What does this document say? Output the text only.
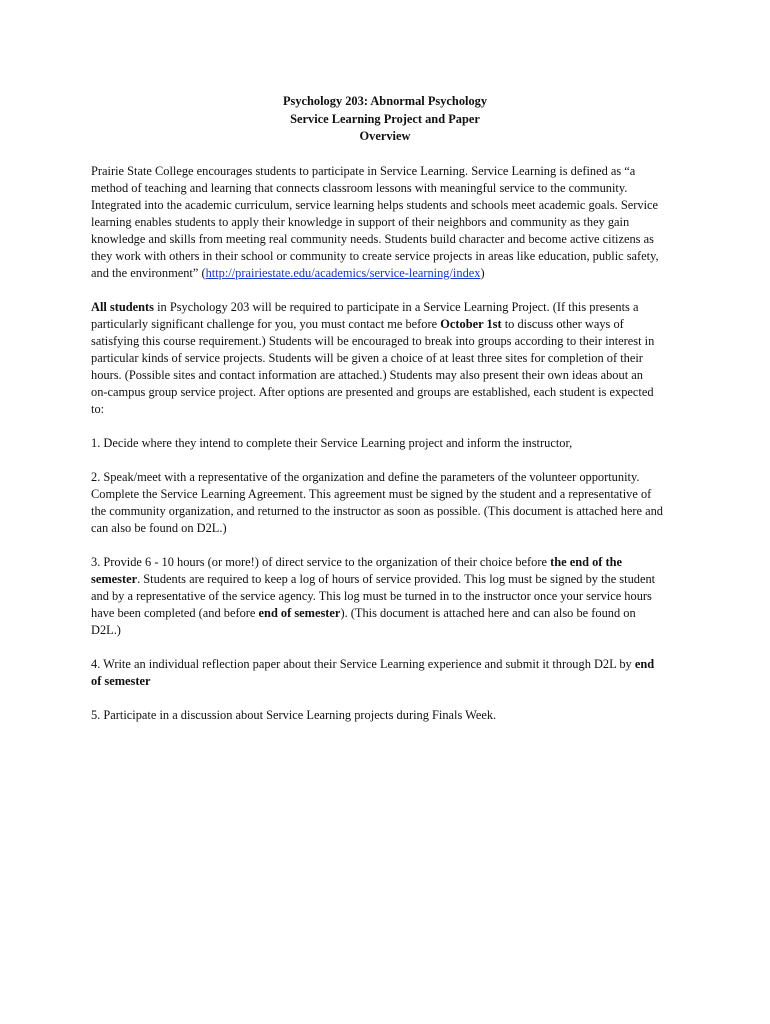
Psychology 203: Abnormal Psychology
Service Learning Project and Paper
Overview

Prairie State College encourages students to participate in Service Learning. Service Learning is defined as “a
method of teaching and learning that connects classroom lessons with meaningful service to the community.
Integrated into the academic curriculum, service learning helps students and schools meet academic goals. Service
learning enables students to apply their knowledge in support of their neighbors and community as they gain
knowledge and skills from meeting real community needs. Students build character and become active citizens as
they work with others in their school or community to create service projects in areas like education, public safety,
and the environment” (http://prairiestate.edu/academics/service-learning/index)

All students in Psychology 203 will be required to participate in a Service Learning Project. (If this presents a
particularly significant challenge for you, you must contact me before October 1st to discuss other ways of
satisfying this course requirement.) Students will be encouraged to break into groups according to their interest in
particular kinds of service projects. Students will be given a choice of at least three sites for completion of their
hours. (Possible sites and contact information are attached.) Students may also present their own ideas about an
on-campus group service project. After options are presented and groups are established, each student is expected
to:

1. Decide where they intend to complete their Service Learning project and inform the instructor,

2. Speak/meet with a representative of the organization and define the parameters of the volunteer opportunity.
Complete the Service Learning Agreement. This agreement must be signed by the student and a representative of
the community organization, and returned to the instructor as soon as possible. (This document is attached here and
can also be found on D2L.)

3. Provide 6 - 10 hours (or more!) of direct service to the organization of their choice before the end of the
semester. Students are required to keep a log of hours of service provided. This log must be signed by the student
and by a representative of the service agency. This log must be turned in to the instructor once your service hours
have been completed (and before end of semester). (This document is attached here and can also be found on
D2L.)

4. Write an individual reflection paper about their Service Learning experience and submit it through D2L by end
of semester

5. Participate in a discussion about Service Learning projects during Finals Week.
